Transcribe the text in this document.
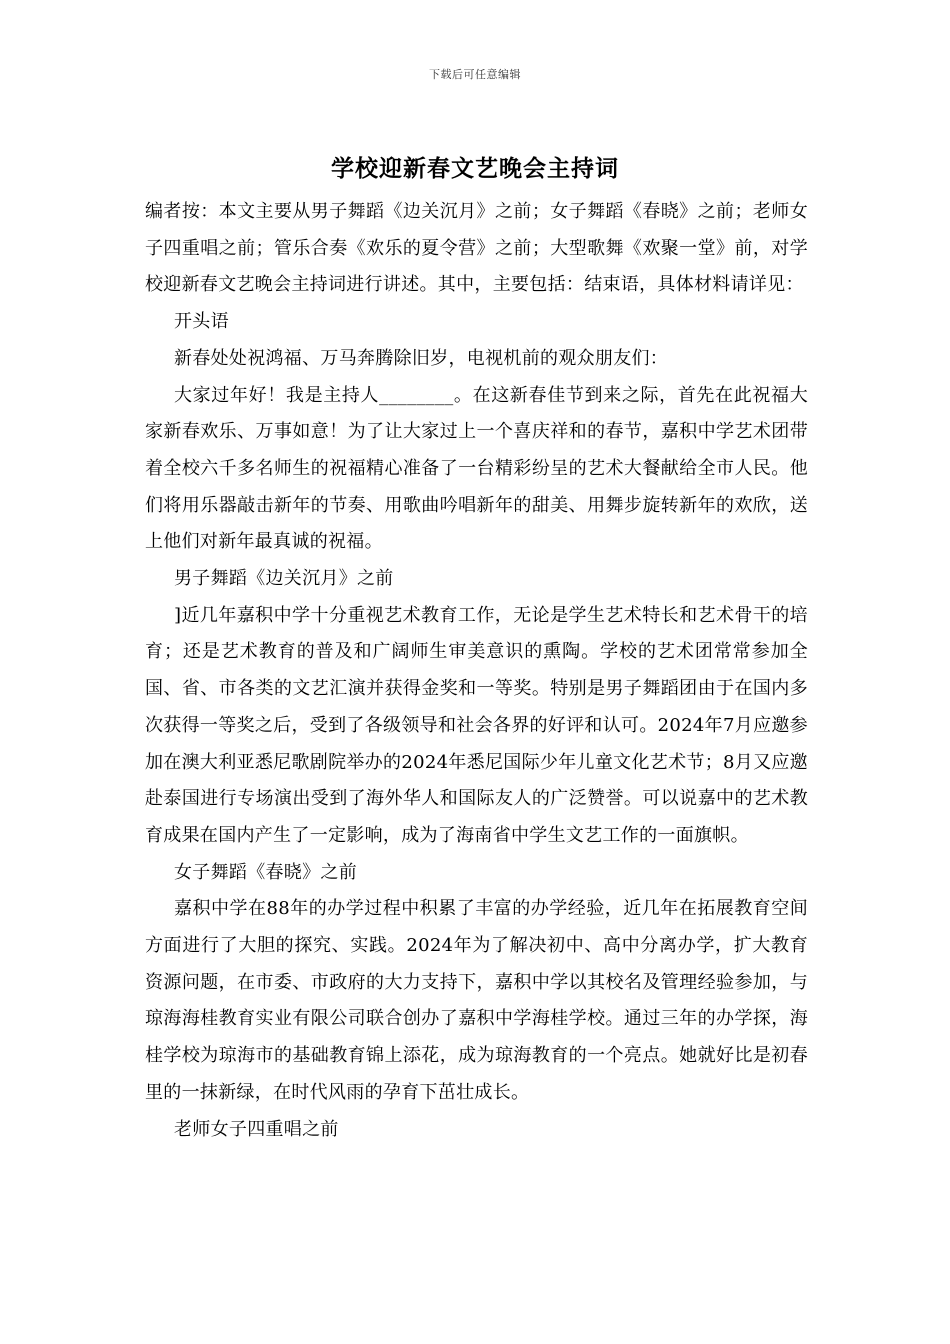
下载后可任意编辑
学校迎新春文艺晚会主持词

编者按：本文主要从男子舞蹈《边关沉月》之前；女子舞蹈《春晓》之前；老师女子四重唱之前；管乐合奏《欢乐的夏令营》之前；大型歌舞《欢聚一堂》前，对学校迎新春文艺晚会主持词进行讲述。其中，主要包括：结束语，具体材料请详见：

开头语

新春处处祝鸿福、万马奔腾除旧岁，电视机前的观众朋友们：

大家过年好！我是主持人________。在这新春佳节到来之际，首先在此祝福大家新春欢乐、万事如意！为了让大家过上一个喜庆祥和的春节，嘉积中学艺术团带着全校六千多名师生的祝福精心准备了一台精彩纷呈的艺术大餐献给全市人民。他们将用乐器敲击新年的节奏、用歌曲吟唱新年的甜美、用舞步旋转新年的欢欣，送上他们对新年最真诚的祝福。

男子舞蹈《边关沉月》之前

]近几年嘉积中学十分重视艺术教育工作，无论是学生艺术特长和艺术骨干的培育；还是艺术教育的普及和广阔师生审美意识的熏陶。学校的艺术团常常参加全国、省、市各类的文艺汇演并获得金奖和一等奖。特别是男子舞蹈团由于在国内多次获得一等奖之后，受到了各级领导和社会各界的好评和认可。2024年7月应邀参加在澳大利亚悉尼歌剧院举办的2024年悉尼国际少年儿童文化艺术节；8月又应邀赴泰国进行专场演出受到了海外华人和国际友人的广泛赞誉。可以说嘉中的艺术教育成果在国内产生了一定影响，成为了海南省中学生文艺工作的一面旗帜。

女子舞蹈《春晓》之前

嘉积中学在88年的办学过程中积累了丰富的办学经验，近几年在拓展教育空间方面进行了大胆的探究、实践。2024年为了解决初中、高中分离办学，扩大教育资源问题，在市委、市政府的大力支持下，嘉积中学以其校名及管理经验参加，与琼海海桂教育实业有限公司联合创办了嘉积中学海桂学校。通过三年的办学探，海桂学校为琼海市的基础教育锦上添花，成为琼海教育的一个亮点。她就好比是初春里的一抹新绿，在时代风雨的孕育下茁壮成长。

老师女子四重唱之前
